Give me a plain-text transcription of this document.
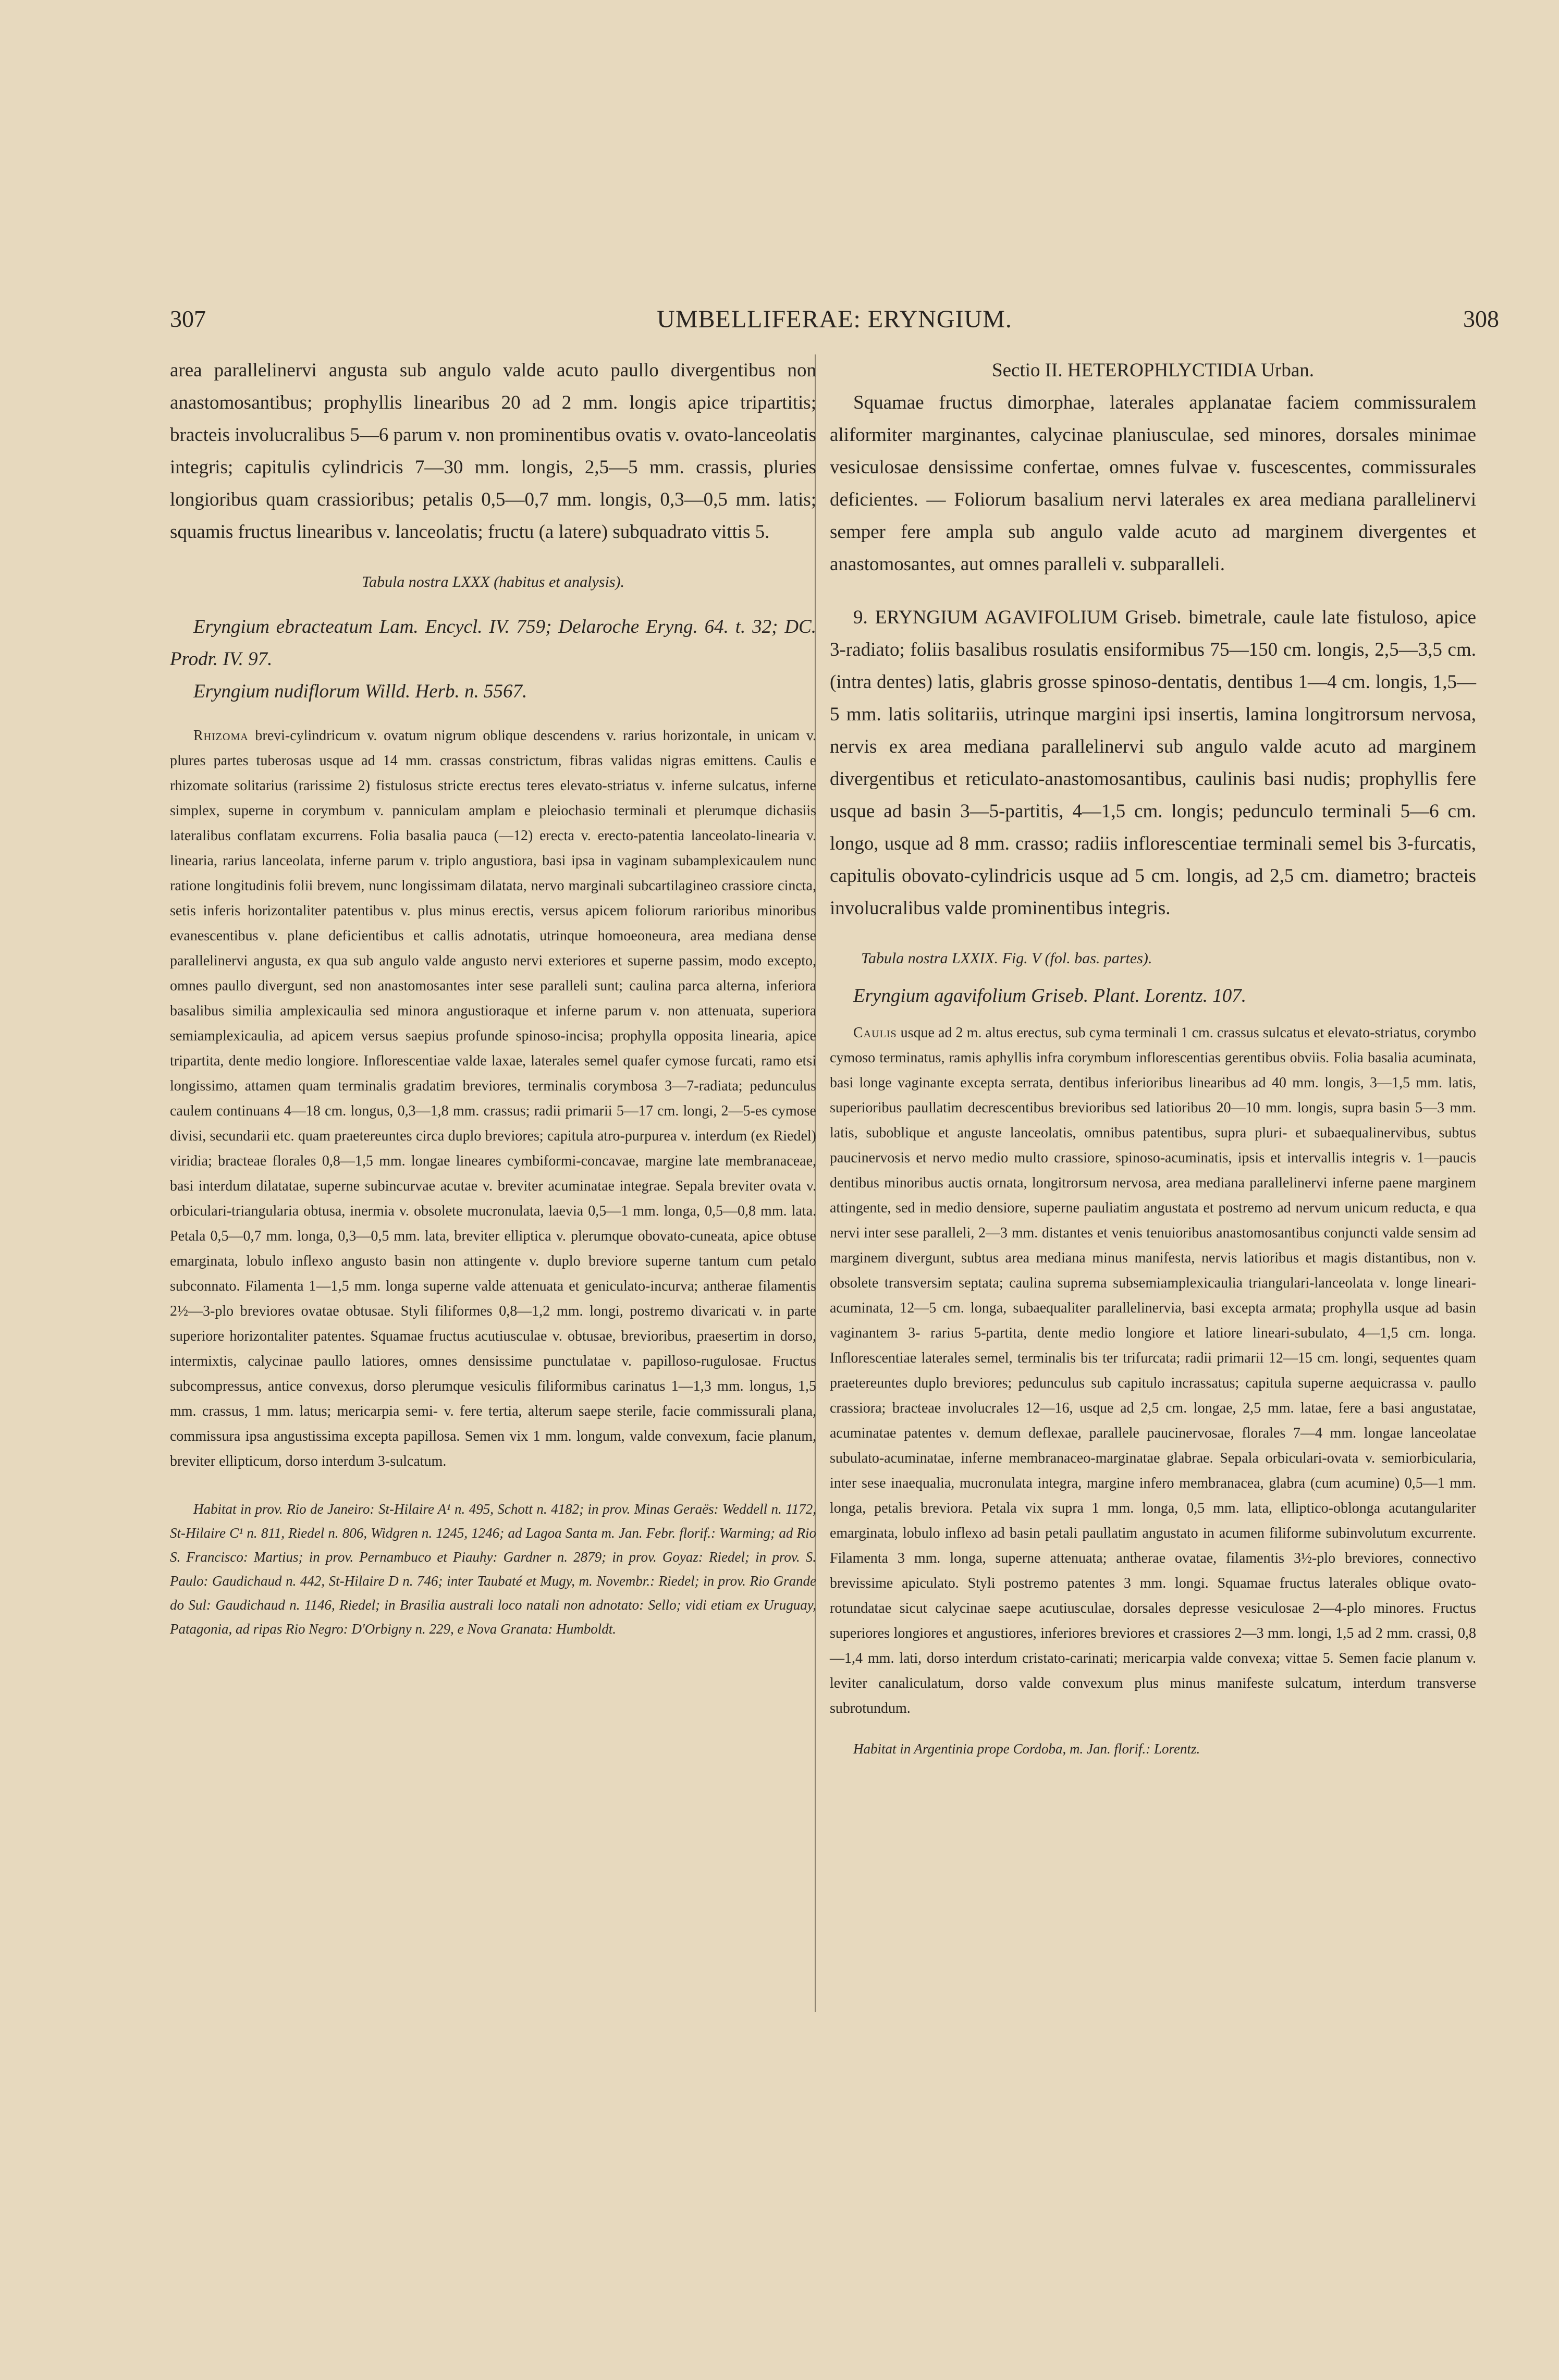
307	UMBELLIFERAE: ERYNGIUM.	308

area parallelinervi angusta sub angulo valde acuto paullo divergentibus non anastomosantibus; prophyllis linearibus 20 ad 2 mm. longis apice tripartitis; bracteis involucralibus 5—6 parum v. non prominentibus ovatis v. ovato-lanceolatis integris; capitulis cylindricis 7—30 mm. longis, 2,5—5 mm. crassis, pluries longioribus quam crassioribus; petalis 0,5—0,7 mm. longis, 0,3—0,5 mm. latis; squamis fructus linearibus v. lanceolatis; fructu (a latere) subquadrato vittis 5.

Tabula nostra LXXX (habitus et analysis).

Eryngium ebracteatum Lam. Encycl. IV. 759; Delaroche Eryng. 64. t. 32; DC. Prodr. IV. 97.

Eryngium nudiflorum Willd. Herb. n. 5567.

Rhizoma brevi-cylindricum v. ovatum nigrum oblique descendens v. rarius horizontale, in unicam v. plures partes tuberosas usque ad 14 mm. crassas constrictum, fibras validas nigras emittens. Caulis e rhizomate solitarius (rarissime 2) fistulosus stricte erectus teres elevato-striatus v. inferne sulcatus, inferne simplex, superne in corymbum v. panniculam amplam e pleiochasio terminali et plerumque dichasiis lateralibus conflatam excurrens. Folia basalia pauca (—12) erecta v. erecto-patentia lanceolato-linearia v. linearia, rarius lanceolata, inferne parum v. triplo angustiora, basi ipsa in vaginam subamplexicaulem nunc ratione longitudinis folii brevem, nunc longissimam dilatata, nervo marginali subcartilagineo crassiore cincta, setis inferis horizontaliter patentibus v. plus minus erectis, versus apicem foliorum rarioribus minoribus evanescentibus v. plane deficientibus et callis adnotatis, utrinque homoeoneura, area mediana dense parallelinervi angusta, ex qua sub angulo valde angusto nervi exteriores et superne passim, modo excepto, omnes paullo divergunt, sed non anastomosantes inter sese paralleli sunt; caulina parca alterna, inferiora basalibus similia amplexicaulia sed minora angustioraque et inferne parum v. non attenuata, superiora semiamplexicaulia, ad apicem versus saepius profunde spinoso-incisa; prophylla opposita linearia, apice tripartita, dente medio longiore. Inflorescentiae valde laxae, laterales semel quafer cymose furcati, ramo etsi longissimo, attamen quam terminalis gradatim breviores, terminalis corymbosa 3—7-radiata; pedunculus caulem continuans 4—18 cm. longus, 0,3—1,8 mm. crassus; radii primarii 5—17 cm. longi, 2—5-es cymose divisi, secundarii etc. quam praetereuntes circa duplo breviores; capitula atro-purpurea v. interdum (ex Riedel) viridia; bracteae florales 0,8—1,5 mm. longae lineares cymbiformi-concavae, margine late membranaceae, basi interdum dilatatae, superne subincurvae acutae v. breviter acuminatae integrae. Sepala breviter ovata v. orbiculari-triangularia obtusa, inermia v. obsolete mucronulata, laevia 0,5—1 mm. longa, 0,5—0,8 mm. lata. Petala 0,5—0,7 mm. longa, 0,3—0,5 mm. lata, breviter elliptica v. plerumque obovato-cuneata, apice obtuse emarginata, lobulo inflexo angusto basin non attingente v. duplo breviore superne tantum cum petalo subconnato. Filamenta 1—1,5 mm. longa superne valde attenuata et geniculato-incurva; antherae filamentis 2½—3-plo breviores ovatae obtusae. Styli filiformes 0,8—1,2 mm. longi, postremo divaricati v. in parte superiore horizontaliter patentes. Squamae fructus acutiusculae v. obtusae, brevioribus, praesertim in dorso, intermixtis, calycinae paullo latiores, omnes densissime punctulatae v. papilloso-rugulosae. Fructus subcompressus, antice convexus, dorso plerumque vesiculis filiformibus carinatus 1—1,3 mm. longus, 1,5 mm. crassus, 1 mm. latus; mericarpia semi- v. fere tertia, alterum saepe sterile, facie commissurali plana, commissura ipsa angustissima excepta papillosa. Semen vix 1 mm. longum, valde convexum, facie planum, breviter ellipticum, dorso interdum 3-sulcatum.

Habitat in prov. Rio de Janeiro: St-Hilaire A¹ n. 495, Schott n. 4182; in prov. Minas Geraës: Weddell n. 1172, St-Hilaire C¹ n. 811, Riedel n. 806, Widgren n. 1245, 1246; ad Lagoa Santa m. Jan. Febr. florif.: Warming; ad Rio S. Francisco: Martius; in prov. Pernambuco et Piauhy: Gardner n. 2879; in prov. Goyaz: Riedel; in prov. S. Paulo: Gaudichaud n. 442, St-Hilaire D n. 746; inter Taubaté et Mugy, m. Novembr.: Riedel; in prov. Rio Grande do Sul: Gaudichaud n. 1146, Riedel; in Brasilia australi loco natali non adnotato: Sello; vidi etiam ex Uruguay, Patagonia, ad ripas Rio Negro: D'Orbigny n. 229, e Nova Granata: Humboldt.

Sectio II. HETEROPHLYCTIDIA Urban.

Squamae fructus dimorphae, laterales applanatae faciem commissuralem aliformiter marginantes, calycinae planiusculae, sed minores, dorsales minimae vesiculosae densissime confertae, omnes fulvae v. fuscescentes, commissurales deficientes. — Foliorum basalium nervi laterales ex area mediana parallelinervi semper fere ampla sub angulo valde acuto ad marginem divergentes et anastomosantes, aut omnes paralleli v. subparalleli.

9. ERYNGIUM AGAVIFOLIUM Griseb. bimetrale, caule late fistuloso, apice 3-radiato; foliis basalibus rosulatis ensiformibus 75—150 cm. longis, 2,5—3,5 cm. (intra dentes) latis, glabris grosse spinoso-dentatis, dentibus 1—4 cm. longis, 1,5—5 mm. latis solitariis, utrinque margini ipsi insertis, lamina longitrorsum nervosa, nervis ex area mediana parallelinervi sub angulo valde acuto ad marginem divergentibus et reticulato-anastomosantibus, caulinis basi nudis; prophyllis fere usque ad basin 3—5-partitis, 4—1,5 cm. longis; pedunculo terminali 5—6 cm. longo, usque ad 8 mm. crasso; radiis inflorescentiae terminali semel bis 3-furcatis, capitulis obovato-cylindricis usque ad 5 cm. longis, ad 2,5 cm. diametro; bracteis involucralibus valde prominentibus integris.

Tabula nostra LXXIX. Fig. V (fol. bas. partes).

Eryngium agavifolium Griseb. Plant. Lorentz. 107.

Caulis usque ad 2 m. altus erectus, sub cyma terminali 1 cm. crassus sulcatus et elevato-striatus, corymbo cymoso terminatus, ramis aphyllis infra corymbum inflorescentias gerentibus obviis. Folia basalia acuminata, basi longe vaginante excepta serrata, dentibus inferioribus linearibus ad 40 mm. longis, 3—1,5 mm. latis, superioribus paullatim decrescentibus brevioribus sed latioribus 20—10 mm. longis, supra basin 5—3 mm. latis, suboblique et anguste lanceolatis, omnibus patentibus, supra pluri- et subaequalinervibus, subtus paucinervosis et nervo medio multo crassiore, spinoso-acuminatis, ipsis et intervallis integris v. 1—paucis dentibus minoribus auctis ornata, longitrorsum nervosa, area mediana parallelinervi inferne paene marginem attingente, sed in medio densiore, superne pauliatim angustata et postremo ad nervum unicum reducta, e qua nervi inter sese paralleli, 2—3 mm. distantes et venis tenuioribus anastomosantibus conjuncti valde sensim ad marginem divergunt, subtus area mediana minus manifesta, nervis latioribus et magis distantibus, non v. obsolete transversim septata; caulina suprema subsemiamplexicaulia triangulari-lanceolata v. longe lineari-acuminata, 12—5 cm. longa, subaequaliter parallelinervia, basi excepta armata; prophylla usque ad basin vaginantem 3- rarius 5-partita, dente medio longiore et latiore lineari-subulato, 4—1,5 cm. longa. Inflorescentiae laterales semel, terminalis bis ter trifurcata; radii primarii 12—15 cm. longi, sequentes quam praetereuntes duplo breviores; pedunculus sub capitulo incrassatus; capitula superne aequicrassa v. paullo crassiora; bracteae involucrales 12—16, usque ad 2,5 cm. longae, 2,5 mm. latae, fere a basi angustatae, acuminatae patentes v. demum deflexae, parallele paucinervosae, florales 7—4 mm. longae lanceolatae subulato-acuminatae, inferne membranaceo-marginatae glabrae. Sepala orbiculari-ovata v. semiorbicularia, inter sese inaequalia, mucronulata integra, margine infero membranacea, glabra (cum acumine) 0,5—1 mm. longa, petalis breviora. Petala vix supra 1 mm. longa, 0,5 mm. lata, elliptico-oblonga acutangulariter emarginata, lobulo inflexo ad basin petali paullatim angustato in acumen filiforme subinvolutum excurrente. Filamenta 3 mm. longa, superne attenuata; antherae ovatae, filamentis 3½-plo breviores, connectivo brevissime apiculato. Styli postremo patentes 3 mm. longi. Squamae fructus laterales oblique ovato-rotundatae sicut calycinae saepe acutiusculae, dorsales depresse vesiculosae 2—4-plo minores. Fructus superiores longiores et angustiores, inferiores breviores et crassiores 2—3 mm. longi, 1,5 ad 2 mm. crassi, 0,8—1,4 mm. lati, dorso interdum cristato-carinati; mericarpia valde convexa; vittae 5. Semen facie planum v. leviter canaliculatum, dorso valde convexum plus minus manifeste sulcatum, interdum transverse subrotundum.

Habitat in Argentinia prope Cordoba, m. Jan. florif.: Lorentz.
